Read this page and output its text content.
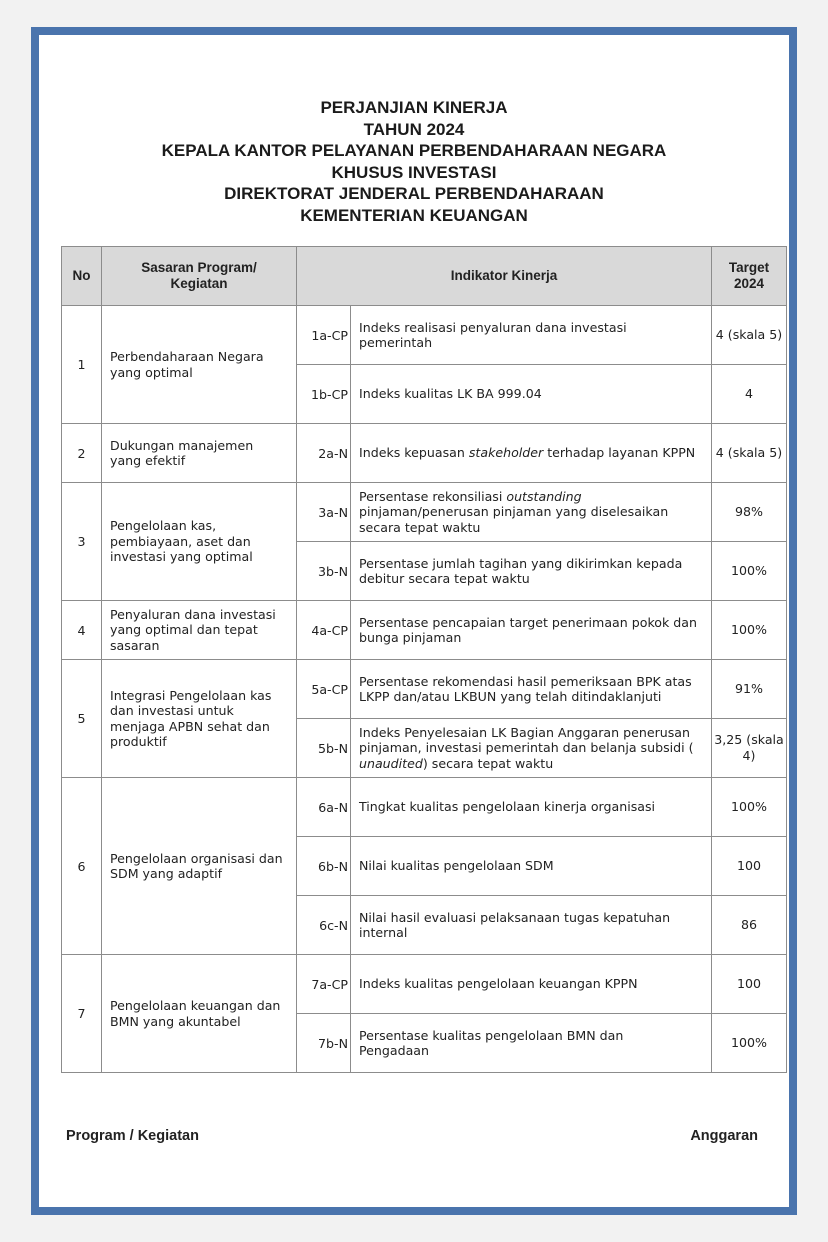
PERJANJIAN KINERJA
TAHUN 2024
KEPALA KANTOR PELAYANAN PERBENDAHARAAN NEGARA
KHUSUS INVESTASI
DIREKTORAT JENDERAL PERBENDAHARAAN
KEMENTERIAN KEUANGAN
No	Sasaran Program/ Kegiatan	Indikator Kinerja		Target 2024
1	Perbendaharaan Negara yang optimal	1a-CP	Indeks realisasi penyaluran dana investasi pemerintah	4 (skala 5)
		1b-CP	Indeks kualitas LK BA 999.04	4
2	Dukungan manajemen yang efektif	2a-N	Indeks kepuasan stakeholder terhadap layanan KPPN	4 (skala 5)
3	Pengelolaan kas, pembiayaan, aset dan investasi yang optimal	3a-N	Persentase rekonsiliasi outstanding pinjaman/penerusan pinjaman yang diselesaikan secara tepat waktu	98%
		3b-N	Persentase jumlah tagihan yang dikirimkan kepada debitur secara tepat waktu	100%
4	Penyaluran dana investasi yang optimal dan tepat sasaran	4a-CP	Persentase pencapaian target penerimaan pokok dan bunga pinjaman	100%
5	Integrasi Pengelolaan kas dan investasi untuk menjaga APBN sehat dan produktif	5a-CP	Persentase rekomendasi hasil pemeriksaan BPK atas LKPP dan/atau LKBUN yang telah ditindaklanjuti	91%
		5b-N	Indeks Penyelesaian LK Bagian Anggaran penerusan pinjaman, investasi pemerintah dan belanja subsidi ( unaudited) secara tepat waktu	3,25 (skala 4)
6	Pengelolaan organisasi dan SDM yang adaptif	6a-N	Tingkat kualitas pengelolaan kinerja organisasi	100%
		6b-N	Nilai kualitas pengelolaan SDM	100
		6c-N	Nilai hasil evaluasi pelaksanaan tugas kepatuhan internal	86
7	Pengelolaan keuangan dan BMN yang akuntabel	7a-CP	Indeks kualitas pengelolaan keuangan KPPN	100
		7b-N	Persentase kualitas pengelolaan BMN dan Pengadaan	100%
Program / Kegiatan	Anggaran
